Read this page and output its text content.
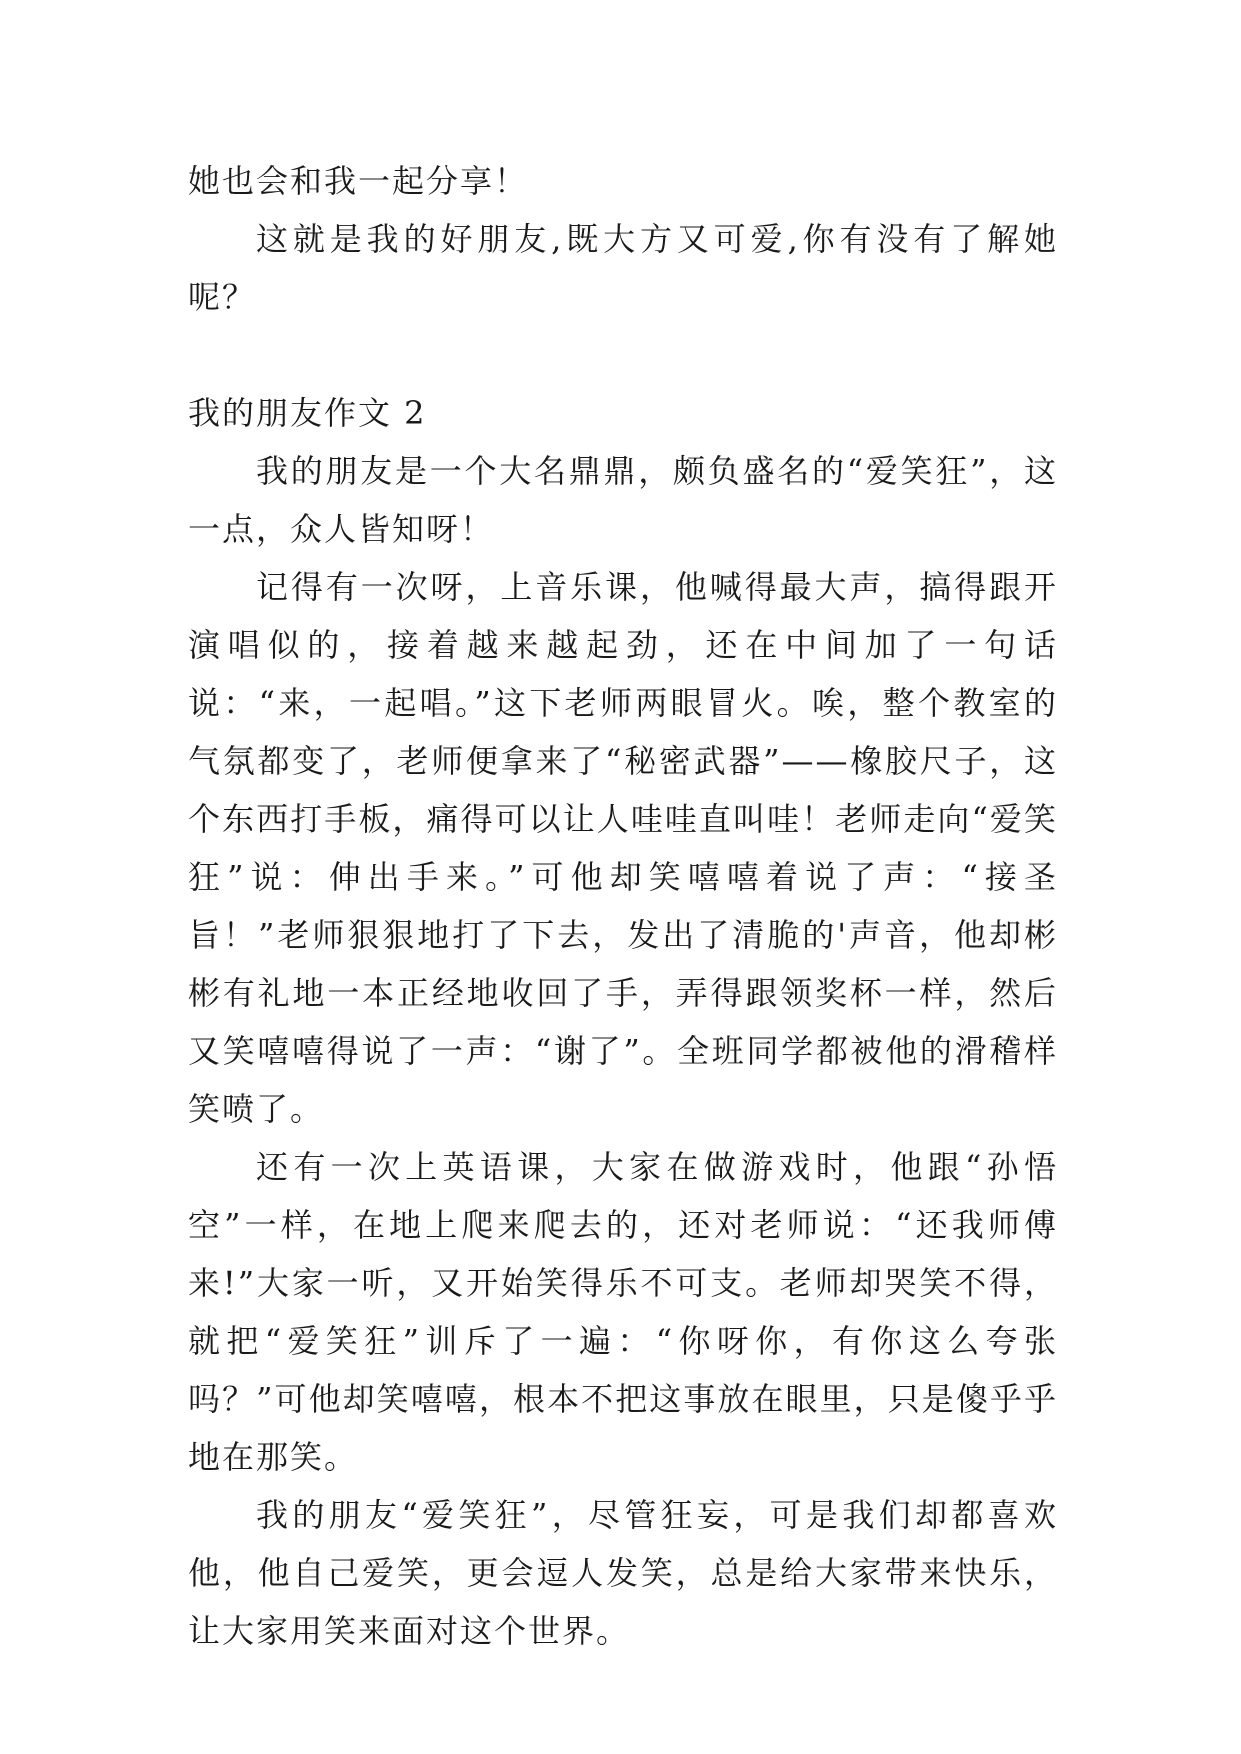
她也会和我一起分享！

这就是我的好朋友,既大方又可爱,你有没有了解她呢？

我的朋友作文 2

我的朋友是一个大名鼎鼎，颇负盛名的“爱笑狂”，这一点，众人皆知呀！

记得有一次呀，上音乐课，他喊得最大声，搞得跟开演唱似的，接着越来越起劲，还在中间加了一句话说：“来，一起唱。”这下老师两眼冒火。唉，整个教室的气氛都变了，老师便拿来了“秘密武器”——橡胶尺子，这个东西打手板，痛得可以让人哇哇直叫哇！老师走向“爱笑狂”说：伸出手来。”可他却笑嘻嘻着说了声：“接圣旨！”老师狠狠地打了下去，发出了清脆的'声音，他却彬彬有礼地一本正经地收回了手，弄得跟领奖杯一样，然后又笑嘻嘻得说了一声：“谢了”。全班同学都被他的滑稽样笑喷了。

还有一次上英语课，大家在做游戏时，他跟“孙悟空”一样，在地上爬来爬去的，还对老师说：“还我师傅来!”大家一听，又开始笑得乐不可支。老师却哭笑不得，就把“爱笑狂”训斥了一遍：“你呀你，有你这么夸张吗？”可他却笑嘻嘻，根本不把这事放在眼里，只是傻乎乎地在那笑。

我的朋友“爱笑狂”，尽管狂妄，可是我们却都喜欢他，他自己爱笑，更会逗人发笑，总是给大家带来快乐，让大家用笑来面对这个世界。
